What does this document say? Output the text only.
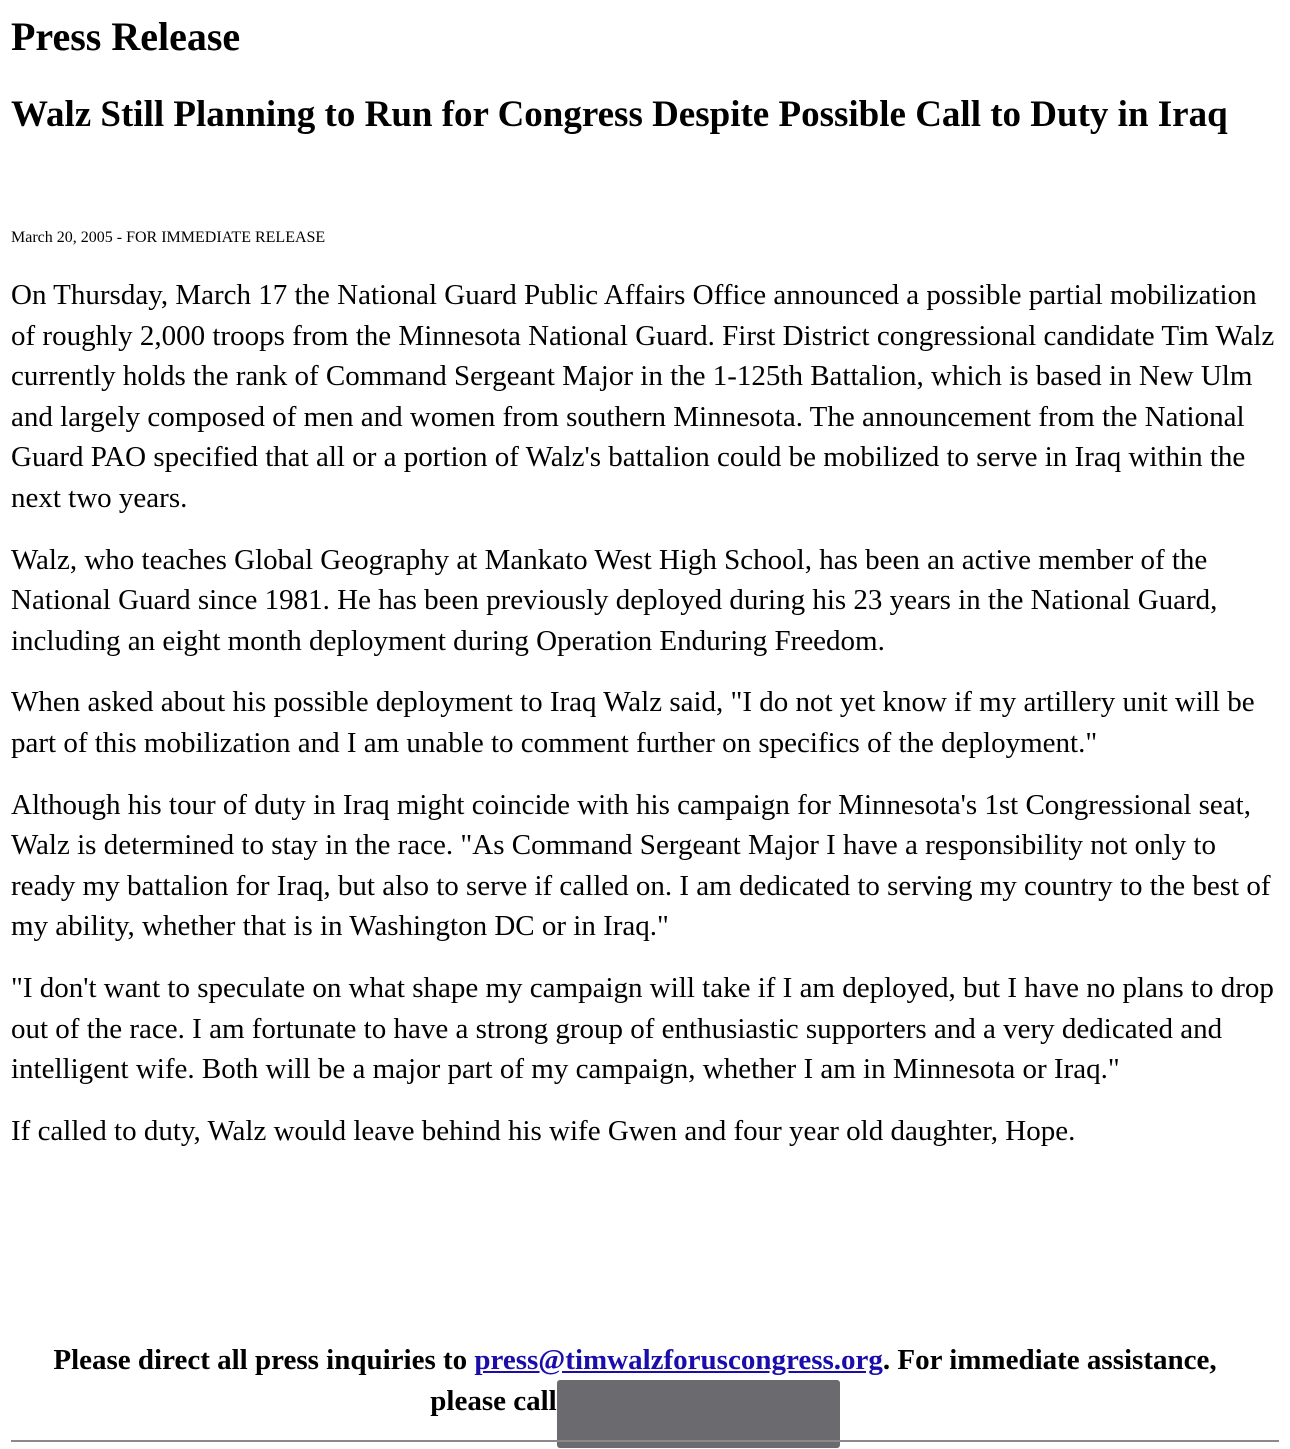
Press Release
Walz Still Planning to Run for Congress Despite Possible Call to Duty in Iraq

March 20, 2005 - FOR IMMEDIATE RELEASE

On Thursday, March 17 the National Guard Public Affairs Office announced a possible partial mobilization of roughly 2,000 troops from the Minnesota National Guard. First District congressional candidate Tim Walz currently holds the rank of Command Sergeant Major in the 1-125th Battalion, which is based in New Ulm and largely composed of men and women from southern Minnesota. The announcement from the National Guard PAO specified that all or a portion of Walz's battalion could be mobilized to serve in Iraq within the next two years.

Walz, who teaches Global Geography at Mankato West High School, has been an active member of the National Guard since 1981. He has been previously deployed during his 23 years in the National Guard, including an eight month deployment during Operation Enduring Freedom.

When asked about his possible deployment to Iraq Walz said, "I do not yet know if my artillery unit will be part of this mobilization and I am unable to comment further on specifics of the deployment."

Although his tour of duty in Iraq might coincide with his campaign for Minnesota's 1st Congressional seat, Walz is determined to stay in the race. "As Command Sergeant Major I have a responsibility not only to ready my battalion for Iraq, but also to serve if called on. I am dedicated to serving my country to the best of my ability, whether that is in Washington DC or in Iraq."

"I don't want to speculate on what shape my campaign will take if I am deployed, but I have no plans to drop out of the race. I am fortunate to have a strong group of enthusiastic supporters and a very dedicated and intelligent wife. Both will be a major part of my campaign, whether I am in Minnesota or Iraq."

If called to duty, Walz would leave behind his wife Gwen and four year old daughter, Hope.

Please direct all press inquiries to press@timwalzforuscongress.org. For immediate assistance, please call
